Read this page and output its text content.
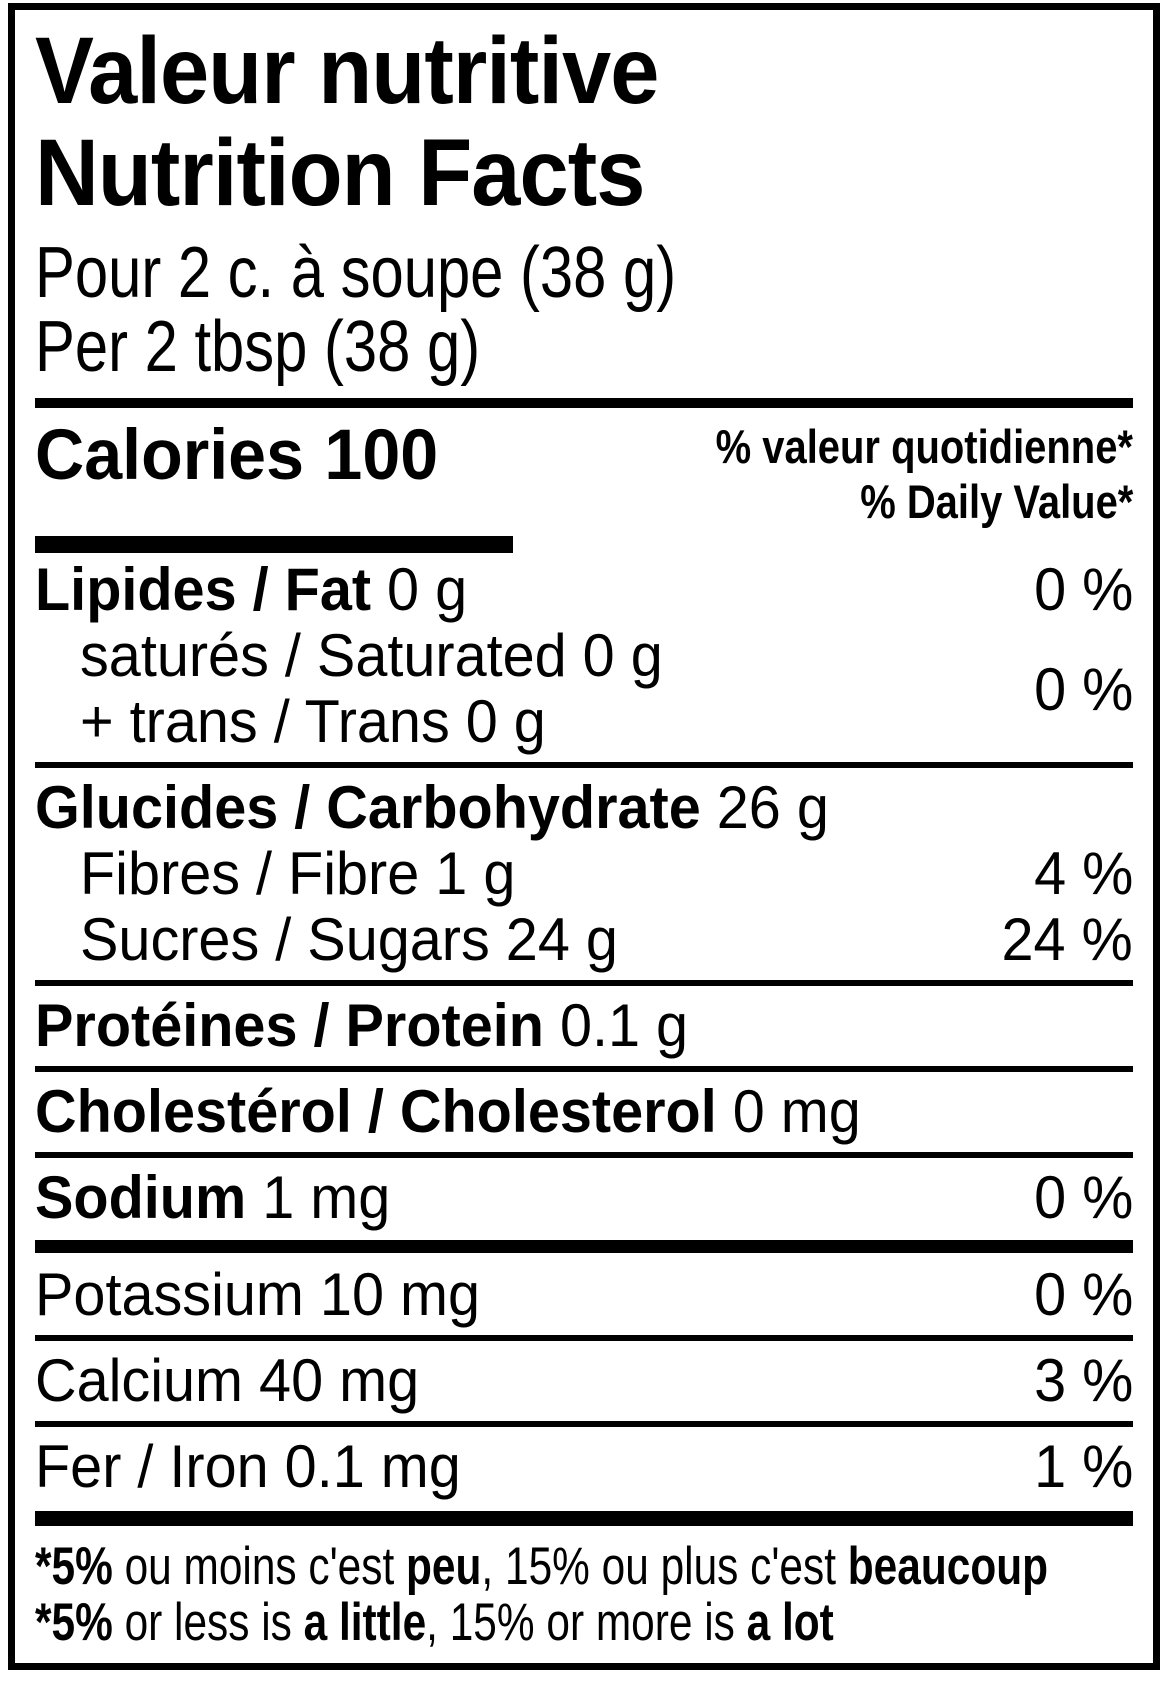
Valeur nutritive
Nutrition Facts
Pour 2 c. à soupe (38 g)
Per 2 tbsp (38 g)
Calories 100	% valeur quotidienne*
% Daily Value*
Lipides / Fat 0 g	0 %
saturés / Saturated 0 g
+ trans / Trans 0 g	0 %
Glucides / Carbohydrate 26 g
Fibres / Fibre 1 g	4 %
Sucres / Sugars 24 g	24 %
Protéines / Protein 0.1 g
Cholestérol / Cholesterol 0 mg
Sodium 1 mg	0 %
Potassium 10 mg	0 %
Calcium 40 mg	3 %
Fer / Iron 0.1 mg	1 %
*5% ou moins c'est peu, 15% ou plus c'est beaucoup
*5% or less is a little, 15% or more is a lot
